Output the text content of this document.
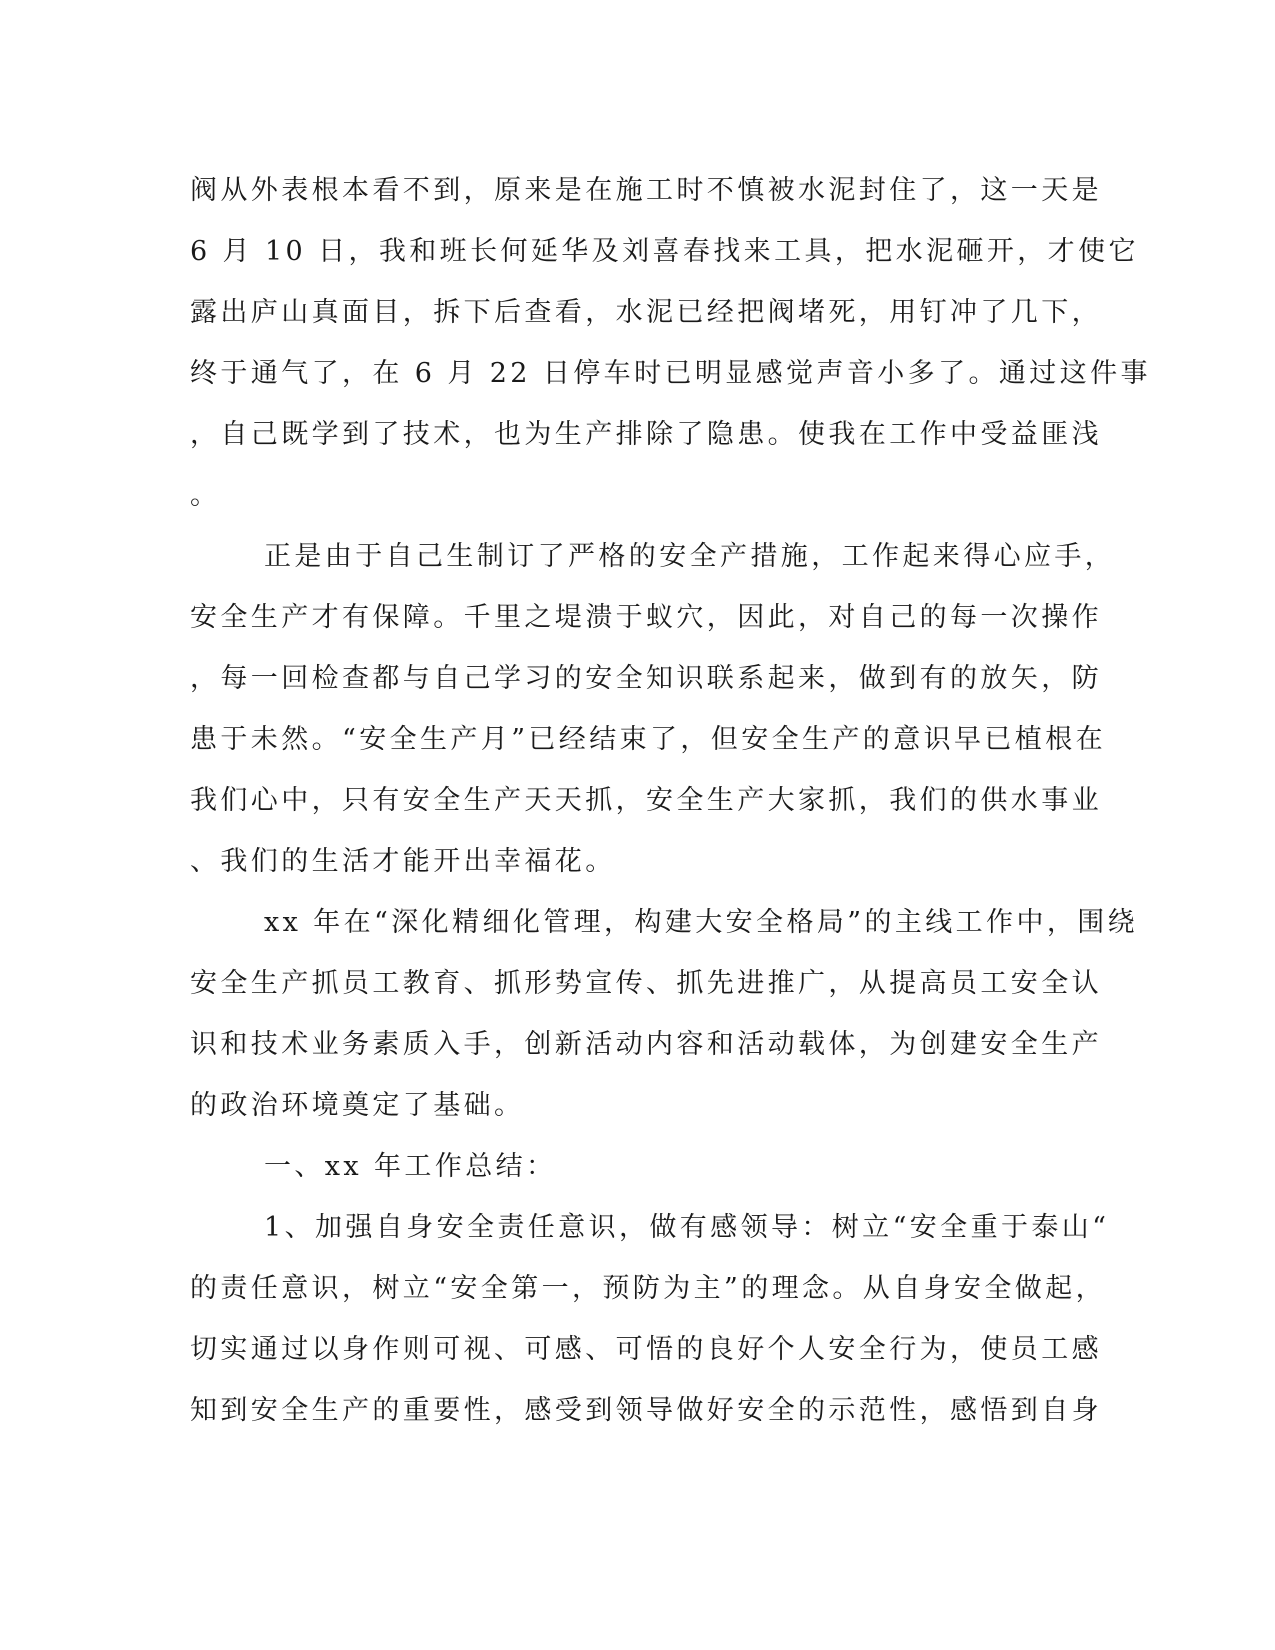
阀从外表根本看不到，原来是在施工时不慎被水泥封住了，这一天是
6 月 10 日，我和班长何延华及刘喜春找来工具，把水泥砸开，才使它
露出庐山真面目，拆下后查看，水泥已经把阀堵死，用钉冲了几下，
终于通气了，在 6 月 22 日停车时已明显感觉声音小多了。通过这件事
，自己既学到了技术，也为生产排除了隐患。使我在工作中受益匪浅
。
正是由于自己生制订了严格的安全产措施，工作起来得心应手，
安全生产才有保障。千里之堤溃于蚁穴，因此，对自己的每一次操作
，每一回检查都与自己学习的安全知识联系起来，做到有的放矢，防
患于未然。“安全生产月”已经结束了，但安全生产的意识早已植根在
我们心中，只有安全生产天天抓，安全生产大家抓，我们的供水事业
、我们的生活才能开出幸福花。
xx 年在“深化精细化管理，构建大安全格局”的主线工作中，围绕
安全生产抓员工教育、抓形势宣传、抓先进推广，从提高员工安全认
识和技术业务素质入手，创新活动内容和活动载体，为创建安全生产
的政治环境奠定了基础。
一、xx 年工作总结：
1、加强自身安全责任意识，做有感领导：树立“安全重于泰山“
的责任意识，树立“安全第一，预防为主”的理念。从自身安全做起，
切实通过以身作则可视、可感、可悟的良好个人安全行为，使员工感
知到安全生产的重要性，感受到领导做好安全的示范性，感悟到自身
